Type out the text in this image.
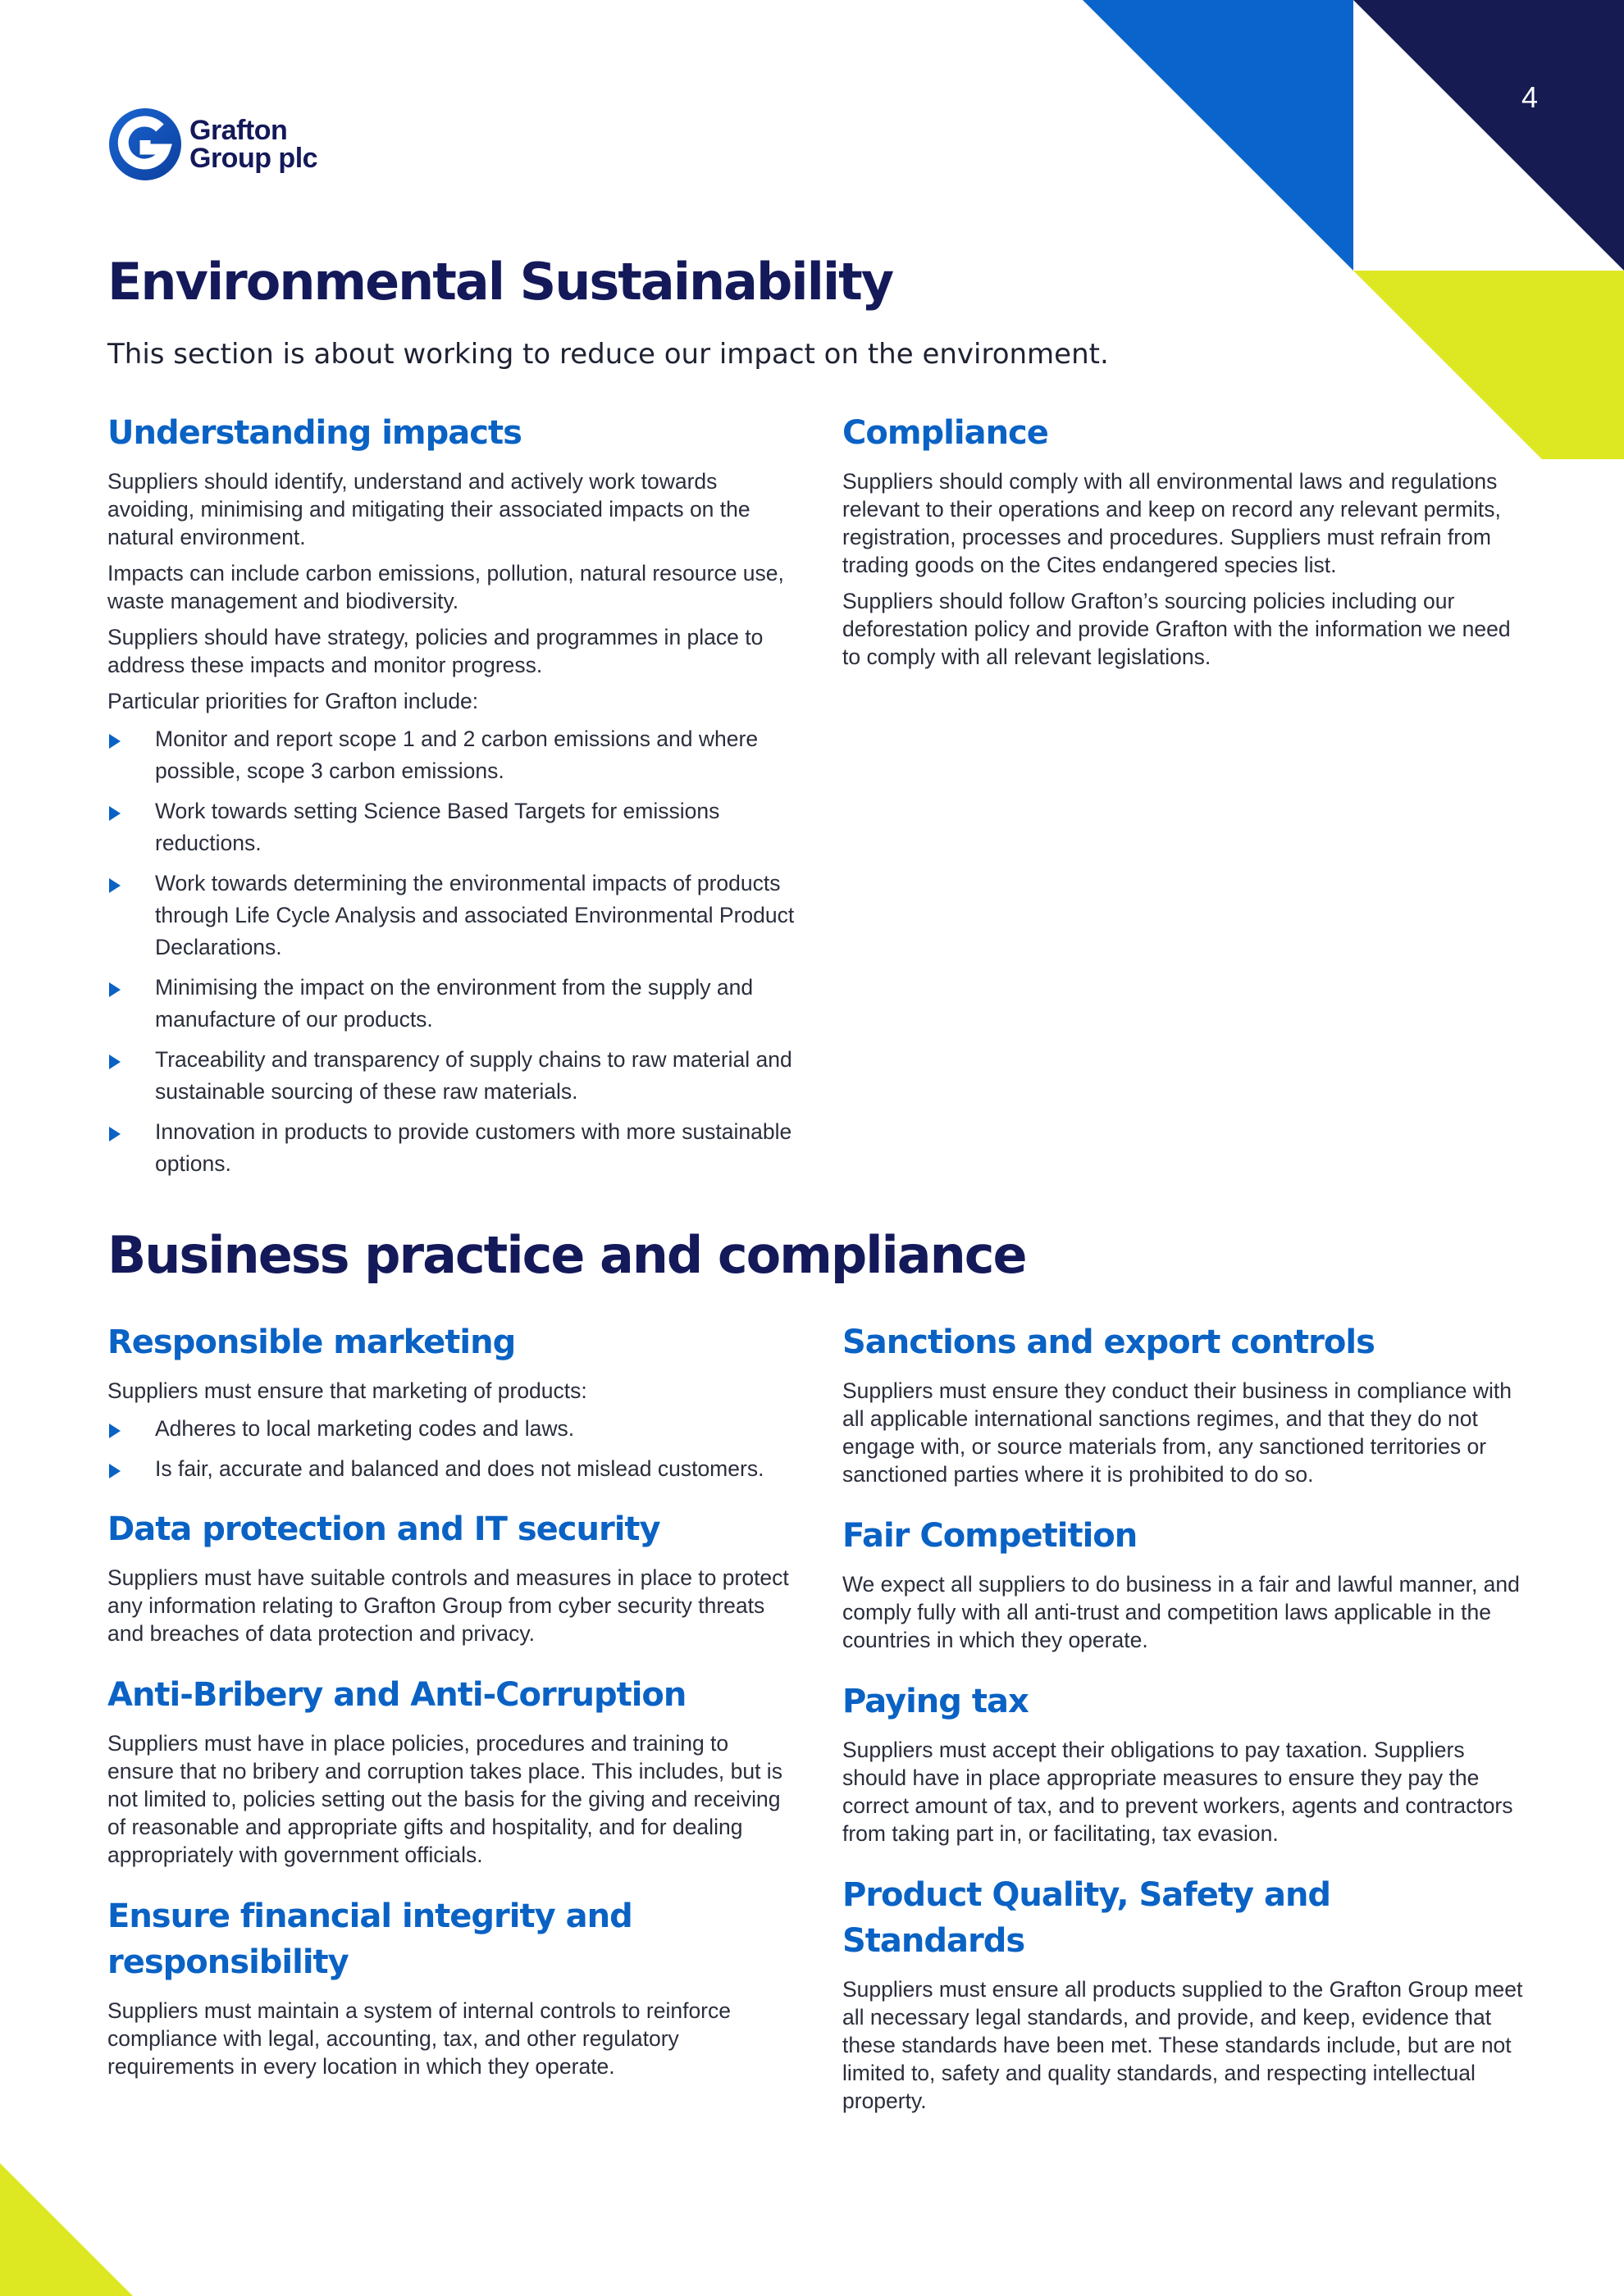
4
Grafton
Group plc
Environmental Sustainability
This section is about working to reduce our impact on the environment.
Understanding impacts

Suppliers should identify, understand and actively work towards avoiding, minimising and mitigating their associated impacts on the natural environment.

Impacts can include carbon emissions, pollution, natural resource use, waste management and biodiversity.

Suppliers should have strategy, policies and programmes in place to address these impacts and monitor progress.

Particular priorities for Grafton include:

Monitor and report scope 1 and 2 carbon emissions and where possible, scope 3 carbon emissions.
Work towards setting Science Based Targets for emissions reductions.
Work towards determining the environmental impacts of products through Life Cycle Analysis and associated Environmental Product Declarations.
Minimising the impact on the environment from the supply and manufacture of our products.
Traceability and transparency of supply chains to raw material and sustainable sourcing of these raw materials.
Innovation in products to provide customers with more sustainable options.
Compliance

Suppliers should comply with all environmental laws and regulations relevant to their operations and keep on record any relevant permits, registration, processes and procedures. Suppliers must refrain from trading goods on the Cites endangered species list.

Suppliers should follow Grafton’s sourcing policies including our deforestation policy and provide Grafton with the information we need to comply with all relevant legislations.

Business practice and compliance
Responsible marketing

Suppliers must ensure that marketing of products:

Adheres to local marketing codes and laws.
Is fair, accurate and balanced and does not mislead customers.
Data protection and IT security

Suppliers must have suitable controls and measures in place to protect any information relating to Grafton Group from cyber security threats and breaches of data protection and privacy.

Anti-Bribery and Anti-Corruption

Suppliers must have in place policies, procedures and training to ensure that no bribery and corruption takes place. This includes, but is not limited to, policies setting out the basis for the giving and receiving of reasonable and appropriate gifts and hospitality, and for dealing appropriately with government officials.

Ensure financial integrity and responsibility

Suppliers must maintain a system of internal controls to reinforce compliance with legal, accounting, tax, and other regulatory requirements in every location in which they operate.

Sanctions and export controls

Suppliers must ensure they conduct their business in compliance with all applicable international sanctions regimes, and that they do not engage with, or source materials from, any sanctioned territories or sanctioned parties where it is prohibited to do so.

Fair Competition

We expect all suppliers to do business in a fair and lawful manner, and comply fully with all anti-trust and competition laws applicable in the countries in which they operate.

Paying tax

Suppliers must accept their obligations to pay taxation. Suppliers should have in place appropriate measures to ensure they pay the correct amount of tax, and to prevent workers, agents and contractors from taking part in, or facilitating, tax evasion.

Product Quality, Safety and Standards

Suppliers must ensure all products supplied to the Grafton Group meet all necessary legal standards, and provide, and keep, evidence that these standards have been met. These standards include, but are not limited to, safety and quality standards, and respecting intellectual property.
